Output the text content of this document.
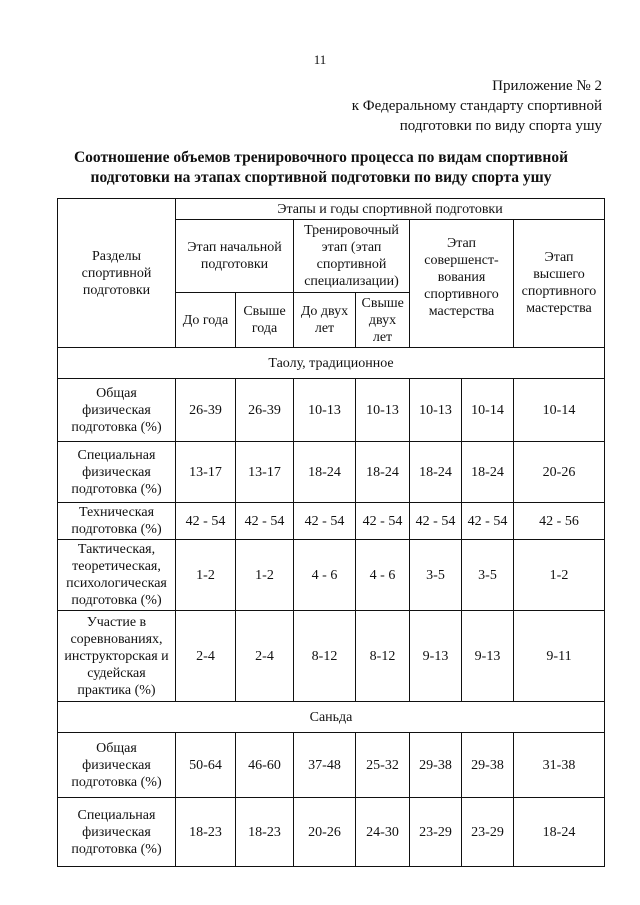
11
Приложение № 2
к Федеральному стандарту спортивной
подготовки по виду спорта ушу
Соотношение объемов тренировочного процесса по видам спортивной
подготовки на этапах спортивной подготовки по виду спорта ушу
Разделы спортивной подготовки	Этапы и годы спортивной подготовки						

	Этап начальной подготовки		Тренировочный этап (этап спортивной специализации)		Этап совершенст-вования спортивного мастерства		Этап высшего спортивного мастерства

	До года	Свыше года	До двух лет	Свыше двух лет			

Таолу, традиционное							

Общая физическая подготовка (%)	26-39	26-39	10-13	10-13	10-13	10-14	10-14

Специальная физическая подготовка (%)	13-17	13-17	18-24	18-24	18-24	18-24	20-26

Техническая подготовка (%)	42 - 54	42 - 54	42 - 54	42 - 54	42 - 54	42 - 54	42 - 56

Тактическая, теоретическая, психологическая подготовка (%)	1-2	1-2	4 - 6	4 - 6	3-5	3-5	1-2

Участие в соревнованиях, инструкторская и судейская практика (%)	2-4	2-4	8-12	8-12	9-13	9-13	9-11
Саньда							

Общая физическая подготовка (%)	50-64	46-60	37-48	25-32	29-38	29-38	31-38

Специальная физическая подготовка (%)	18-23	18-23	20-26	24-30	23-29	23-29	18-24
